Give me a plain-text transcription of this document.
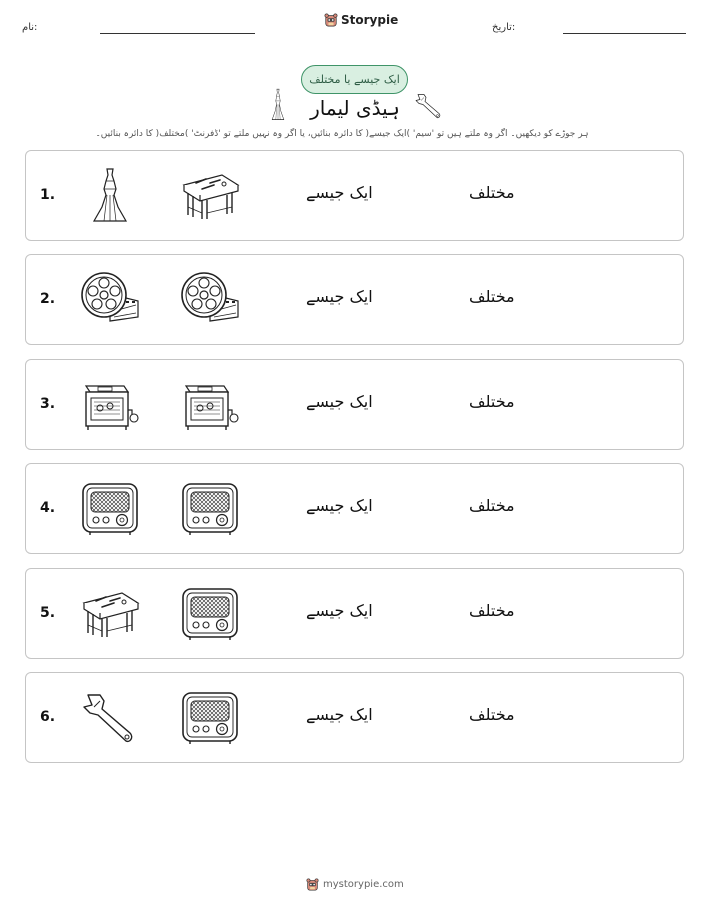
نام:
Storypie
تاریخ:
ایک جیسے یا مختلف
ہیڈی لیمار
ہر جوڑے کو دیکھیں۔ اگر وہ ملتے ہیں تو 'سیم' )ایک جیسے( کا دائرہ بنائیں، یا اگر وہ نہیں ملتے تو 'ڈفرنٹ' )مختلف( کا دائرہ بنائیں۔
1.	ایک جیسے	مختلف
2.	ایک جیسے	مختلف
3.	ایک جیسے	مختلف
4.	ایک جیسے	مختلف
5.	ایک جیسے	مختلف
6.	ایک جیسے	مختلف
mystorypie.com
